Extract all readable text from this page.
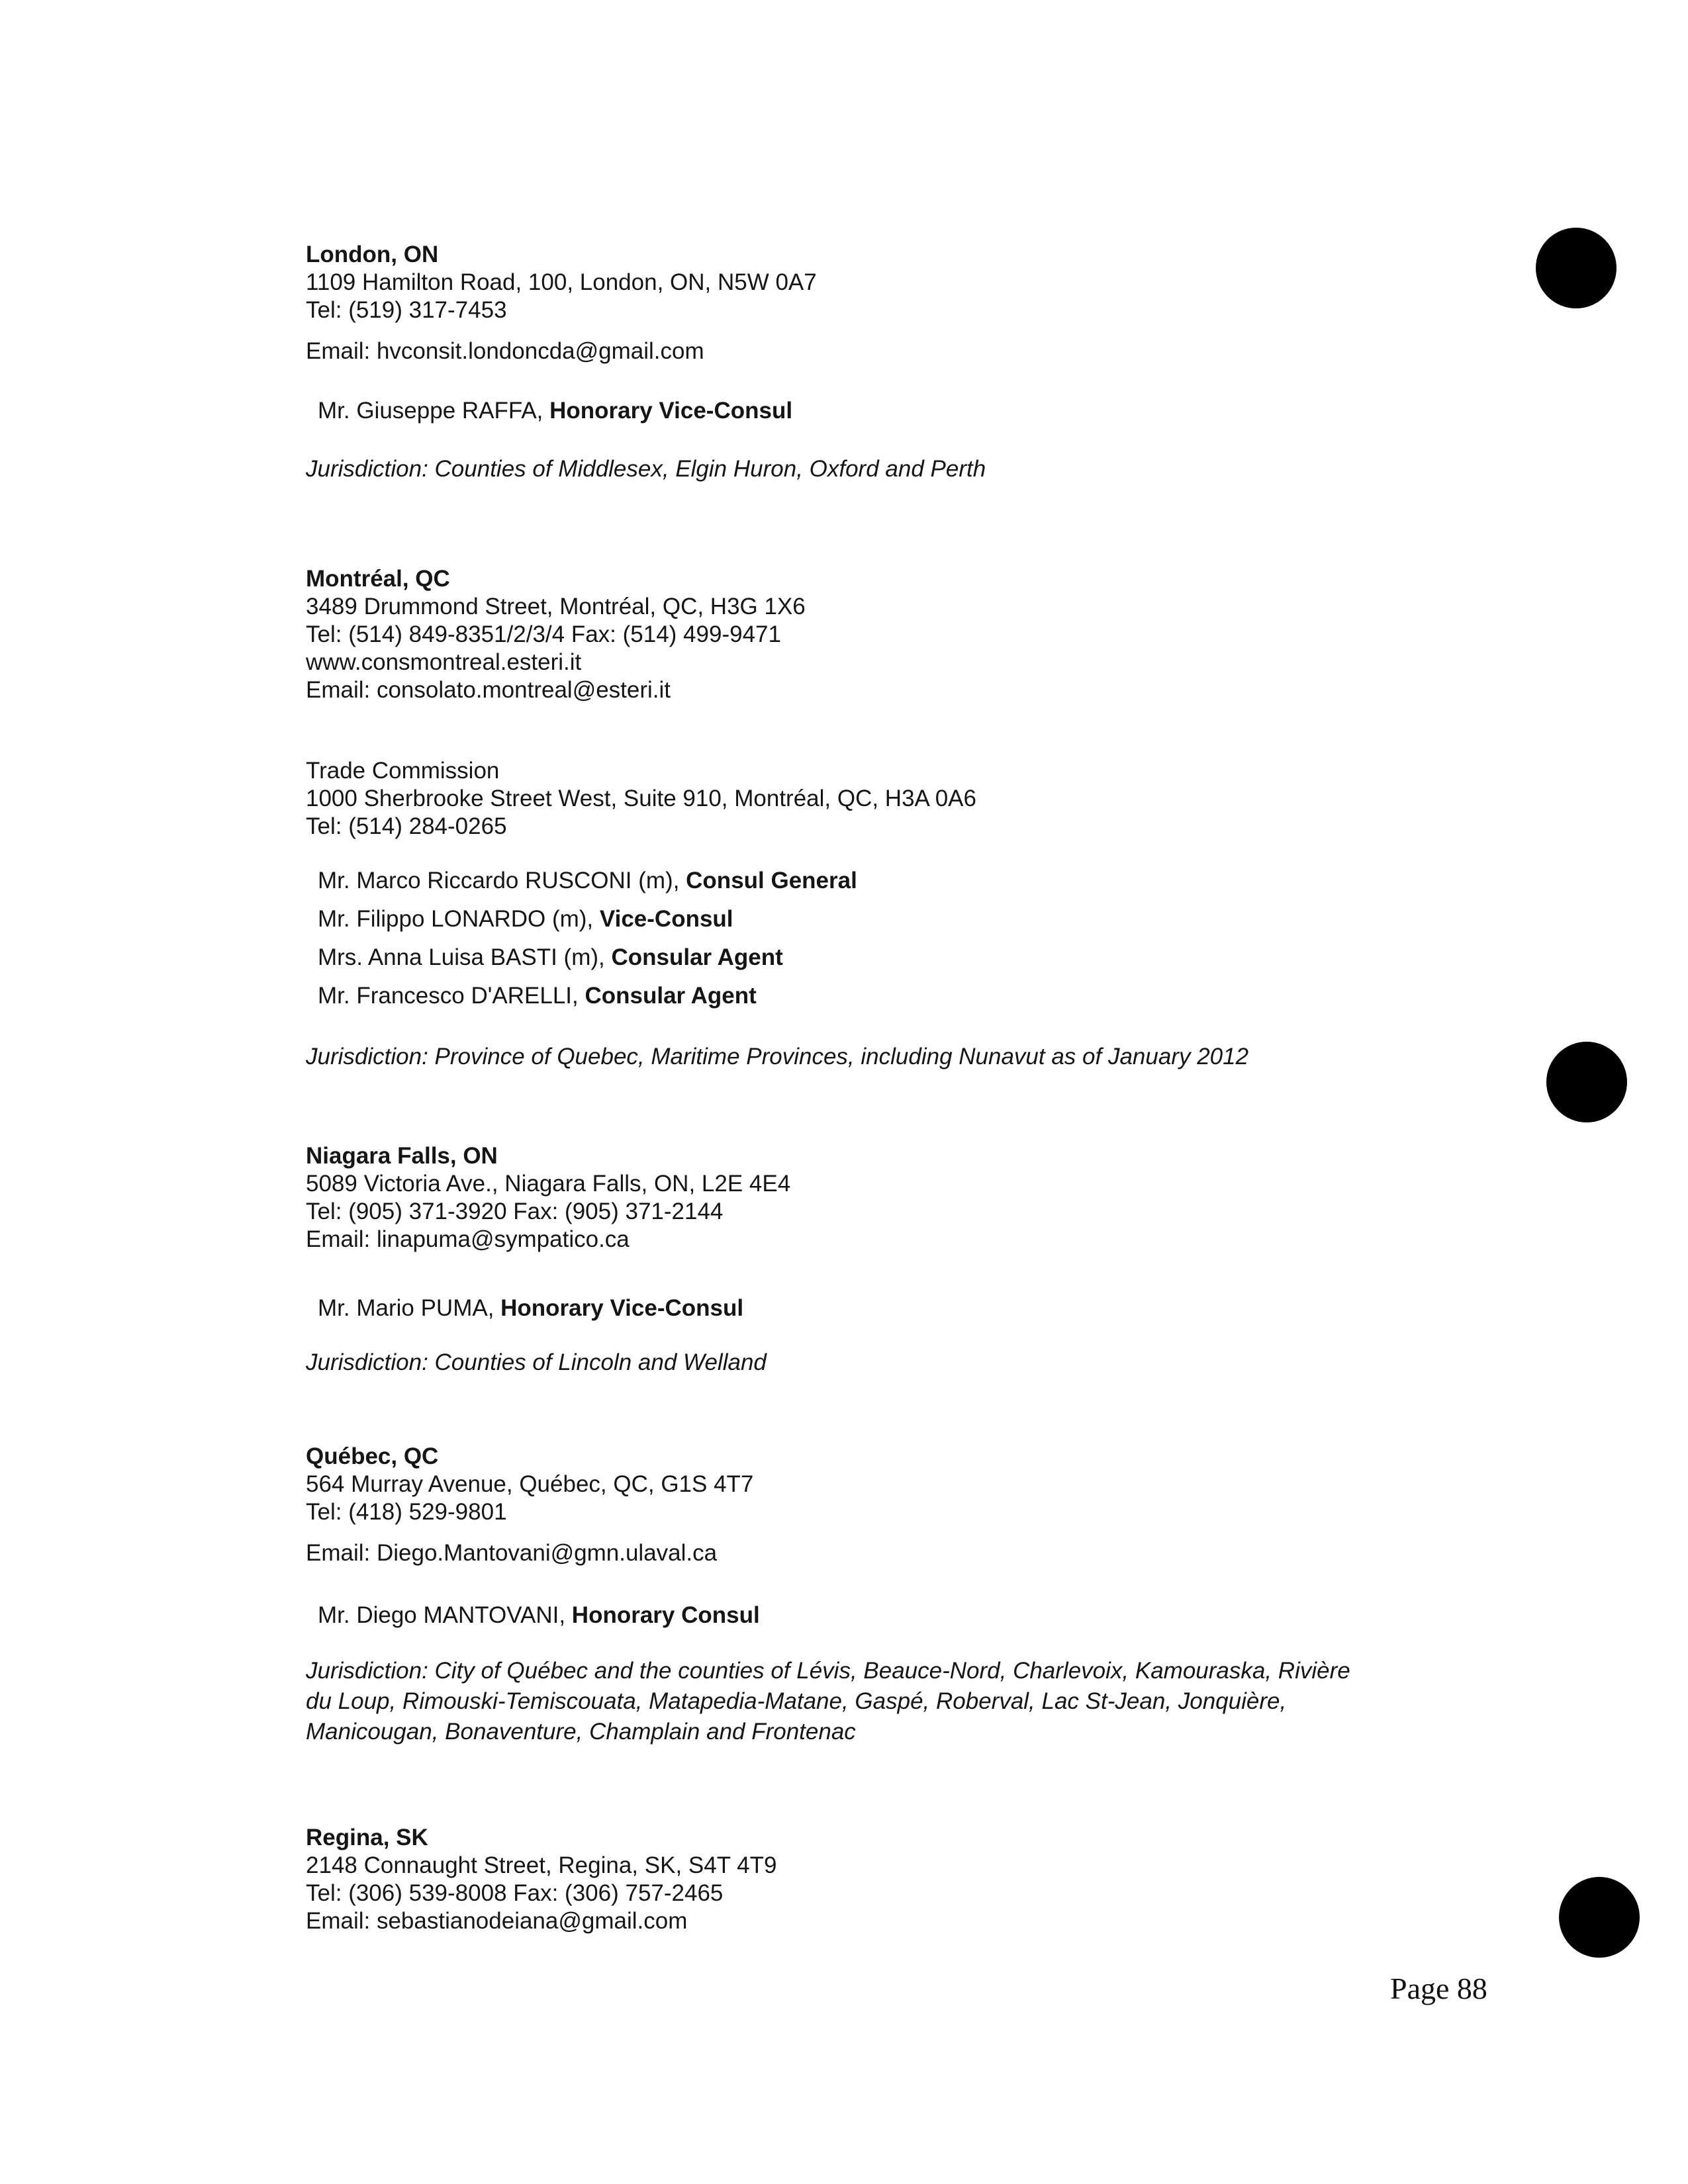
London, ON
1109 Hamilton Road, 100, London, ON, N5W 0A7
Tel: (519) 317-7453
Email: hvconsit.londoncda@gmail.com
Mr. Giuseppe RAFFA, Honorary Vice-Consul
Jurisdiction: Counties of Middlesex, Elgin Huron, Oxford and Perth
Montréal, QC
3489 Drummond Street, Montréal, QC, H3G 1X6
Tel: (514) 849-8351/2/3/4 Fax: (514) 499-9471
www.consmontreal.esteri.it
Email: consolato.montreal@esteri.it
Trade Commission
1000 Sherbrooke Street West, Suite 910, Montréal, QC, H3A 0A6
Tel: (514) 284-0265
Mr. Marco Riccardo RUSCONI (m), Consul General
Mr. Filippo LONARDO (m), Vice-Consul
Mrs. Anna Luisa BASTI (m), Consular Agent
Mr. Francesco D'ARELLI, Consular Agent
Jurisdiction: Province of Quebec, Maritime Provinces, including Nunavut as of January 2012
Niagara Falls, ON
5089 Victoria Ave., Niagara Falls, ON, L2E 4E4
Tel: (905) 371-3920 Fax: (905) 371-2144
Email: linapuma@sympatico.ca
Mr. Mario PUMA, Honorary Vice-Consul
Jurisdiction: Counties of Lincoln and Welland
Québec, QC
564 Murray Avenue, Québec, QC, G1S 4T7
Tel: (418) 529-9801
Email: Diego.Mantovani@gmn.ulaval.ca
Mr. Diego MANTOVANI, Honorary Consul
Jurisdiction: City of Québec and the counties of Lévis, Beauce-Nord, Charlevoix, Kamouraska, Rivière du Loup, Rimouski-Temiscouata, Matapedia-Matane, Gaspé, Roberval, Lac St-Jean, Jonquière, Manicougan, Bonaventure, Champlain and Frontenac
Regina, SK
2148 Connaught Street, Regina, SK, S4T 4T9
Tel: (306) 539-8008 Fax: (306) 757-2465
Email: sebastianodeiana@gmail.com
Page 88
